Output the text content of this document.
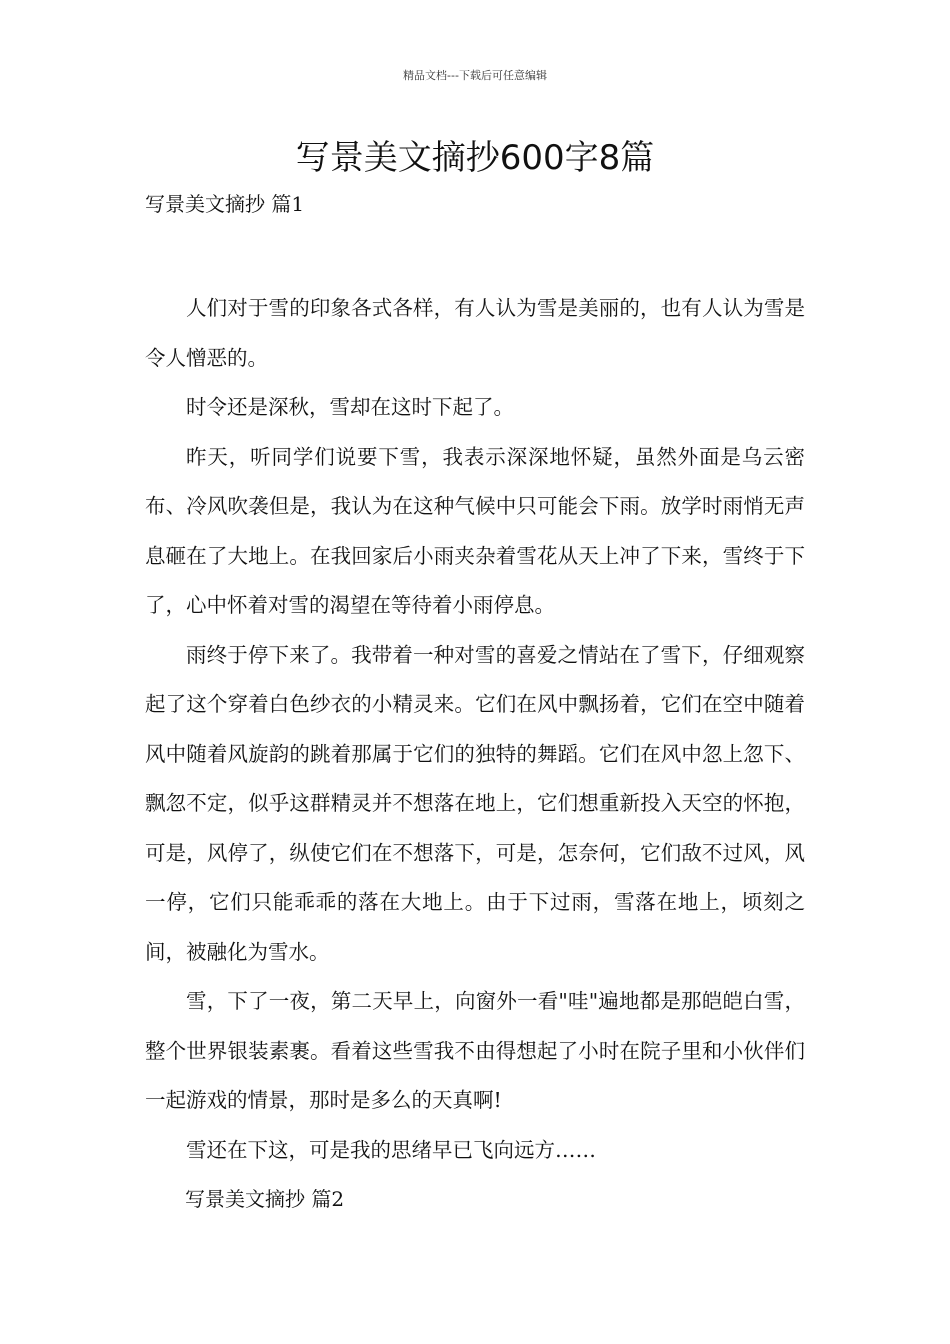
精品文档---下载后可任意编辑
写景美文摘抄600字8篇
写景美文摘抄 篇1

人们对于雪的印象各式各样，有人认为雪是美丽的，也有人认为雪是令人憎恶的。

时令还是深秋，雪却在这时下起了。

昨天，听同学们说要下雪，我表示深深地怀疑，虽然外面是乌云密布、冷风吹袭但是，我认为在这种气候中只可能会下雨。放学时雨悄无声息砸在了大地上。在我回家后小雨夹杂着雪花从天上冲了下来，雪终于下了，心中怀着对雪的渴望在等待着小雨停息。

雨终于停下来了。我带着一种对雪的喜爱之情站在了雪下，仔细观察起了这个穿着白色纱衣的小精灵来。它们在风中飘扬着，它们在空中随着风中随着风旋韵的跳着那属于它们的独特的舞蹈。它们在风中忽上忽下、飘忽不定，似乎这群精灵并不想落在地上，它们想重新投入天空的怀抱，可是，风停了，纵使它们在不想落下，可是，怎奈何，它们敌不过风，风一停，它们只能乖乖的落在大地上。由于下过雨，雪落在地上，顷刻之间，被融化为雪水。

雪，下了一夜，第二天早上，向窗外一看"哇"遍地都是那皑皑白雪，整个世界银装素裹。看着这些雪我不由得想起了小时在院子里和小伙伴们一起游戏的情景，那时是多么的天真啊!

雪还在下这，可是我的思绪早已飞向远方……

写景美文摘抄 篇2
